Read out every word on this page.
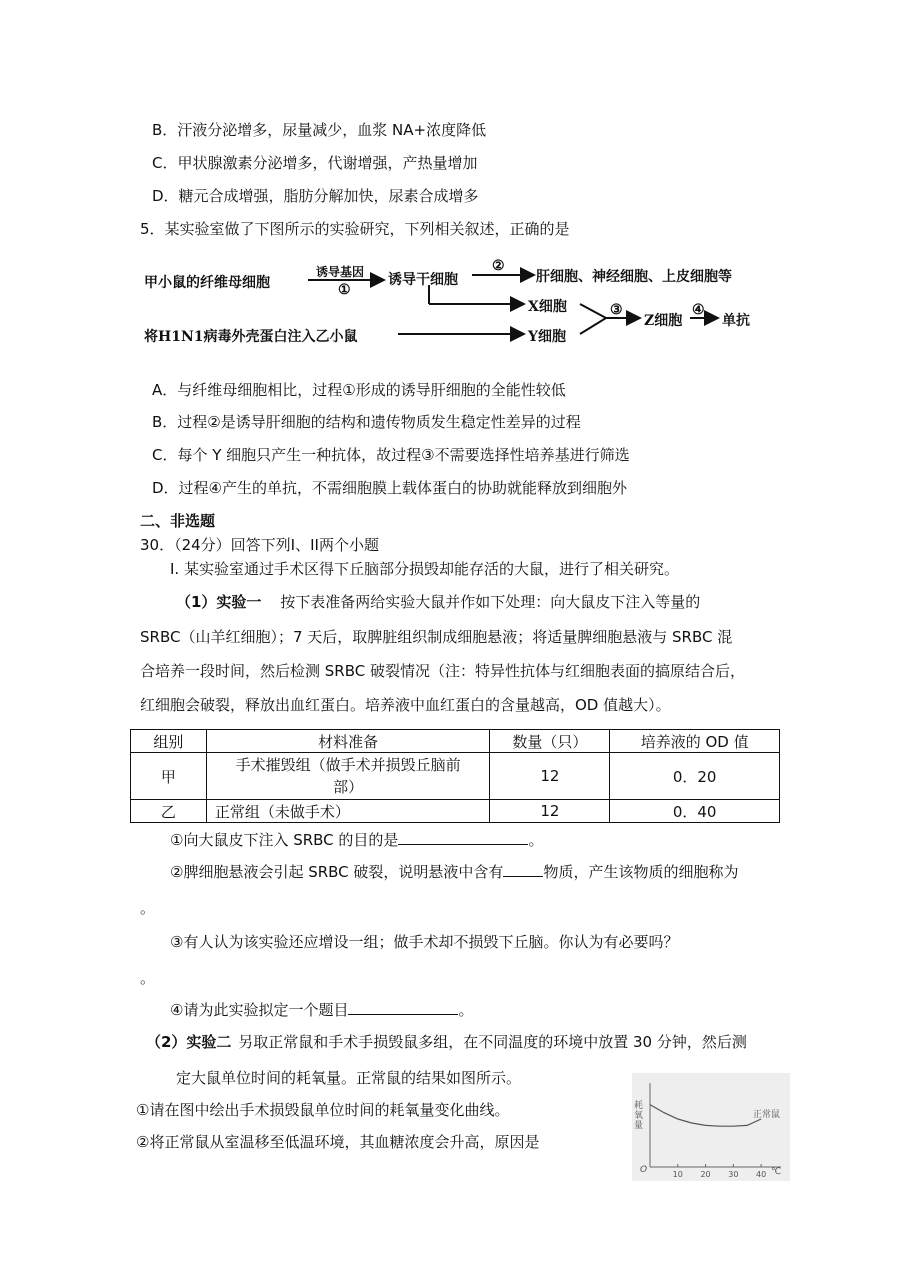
B．汗液分泌增多，尿量减少，血浆 NA+浓度降低
C．甲状腺激素分泌增多，代谢增强，产热量增加
D．糖元合成增强，脂肪分解加快，尿素合成增多
5．某实验室做了下图所示的实验研究，下列相关叙述，正确的是
甲小鼠的纤维母细胞
诱导基因
①
诱导干细胞
②
肝细胞、神经细胞、上皮细胞等
X细胞
将H1N1病毒外壳蛋白注入乙小鼠	Y细胞
③
Z细胞
④
单抗
A．与纤维母细胞相比，过程①形成的诱导肝细胞的全能性较低
B．过程②是诱导肝细胞的结构和遗传物质发生稳定性差异的过程
C．每个 Y 细胞只产生一种抗体，故过程③不需要选择性培养基进行筛选
D．过程④产生的单抗，不需细胞膜上载体蛋白的协助就能释放到细胞外
二、非选题
30．（24分）回答下列Ⅰ、II两个小题
Ⅰ. 某实验室通过手术区得下丘脑部分损毁却能存活的大鼠，进行了相关研究。
（1）实验一 按下表准备两给实验大鼠并作如下处理：向大鼠皮下注入等量的
SRBC（山羊红细胞）；7 天后，取脾脏组织制成细胞悬液；将适量脾细胞悬液与 SRBC 混
合培养一段时间，然后检测 SRBC 破裂情况（注：特异性抗体与红细胞表面的搞原结合后，
红细胞会破裂，释放出血红蛋白。培养液中血红蛋白的含量越高，OD 值越大）。
组别	材料准备	数量（只）	培养液的 OD 值
甲	手术摧毁组（做手术并损毁丘脑前部）	12	0．20
乙	正常组（未做手术）	12	0．40
①向大鼠皮下注入 SRBC 的目的是	。
②脾细胞悬液会引起 SRBC 破裂，说明悬液中含有	物质，产生该物质的细胞称为
。
③有人认为该实验还应增设一组；做手术却不损毁下丘脑。你认为有必要吗？
。
④请为此实验拟定一个题目	。
（2）实验二 另取正常鼠和手术手损毁鼠多组，在不同温度的环境中放置 30 分钟，然后测
定大鼠单位时间的耗氧量。正常鼠的结果如图所示。
①请在图中绘出手术损毁鼠单位时间的耗氧量变化曲线。
②将正常鼠从室温移至低温环境，其血糖浓度会升高，原因是
10 20 30 40
耗氧量
O	℃
正常鼠
